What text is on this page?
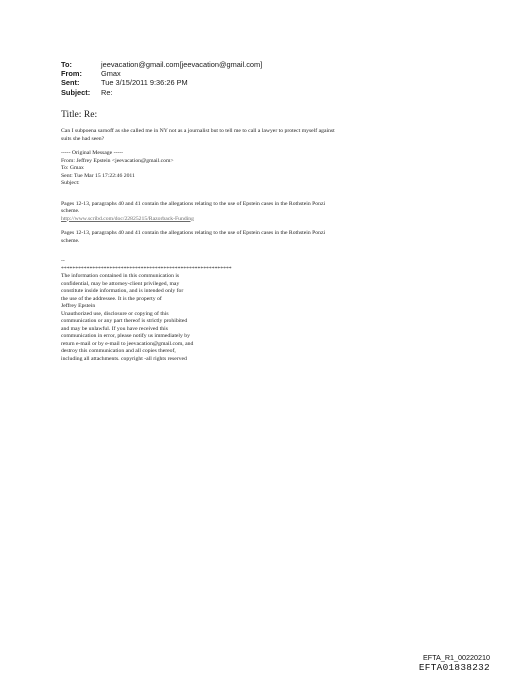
To:	jeevacation@gmail.com[jeevacation@gmail.com]
From:	Gmax
Sent:	Tue 3/15/2011 9:36:26 PM
Subject:	Re:
Title: Re:

Can I subpoena sarnoff as she called me in NY not as a journalist but to tell me to call a lawyer to protect myself against

suits she had seen?

----- Original Message -----

From: Jeffrey Epstein <jeevacation@gmail.com>

To: Gmax

Sent: Tue Mar 15 17:22:46 2011

Subject:

Pages 12-13, paragraphs 40 and 41 contain the allegations relating to the use of Epstein cases in the Rothstein Ponzi

scheme.

http://www.scribd.com/doc/22825215/Razorback-Funding

Pages 12-13, paragraphs 40 and 41 contain the allegations relating to the use of Epstein cases in the Rothstein Ponzi

scheme.

--

************************************************************

The information contained in this communication is

confidential, may be attorney-client privileged, may

constitute inside information, and is intended only for

the use of the addressee. It is the property of

Jeffrey Epstein

Unauthorized use, disclosure or copying of this

communication or any part thereof is strictly prohibited

and may be unlawful. If you have received this

communication in error, please notify us immediately by

return e-mail or by e-mail to jeevacation@gmail.com, and

destroy this communication and all copies thereof,

including all attachments. copyright -all rights reserved

EFTA_R1_00220210
EFTA01838232
